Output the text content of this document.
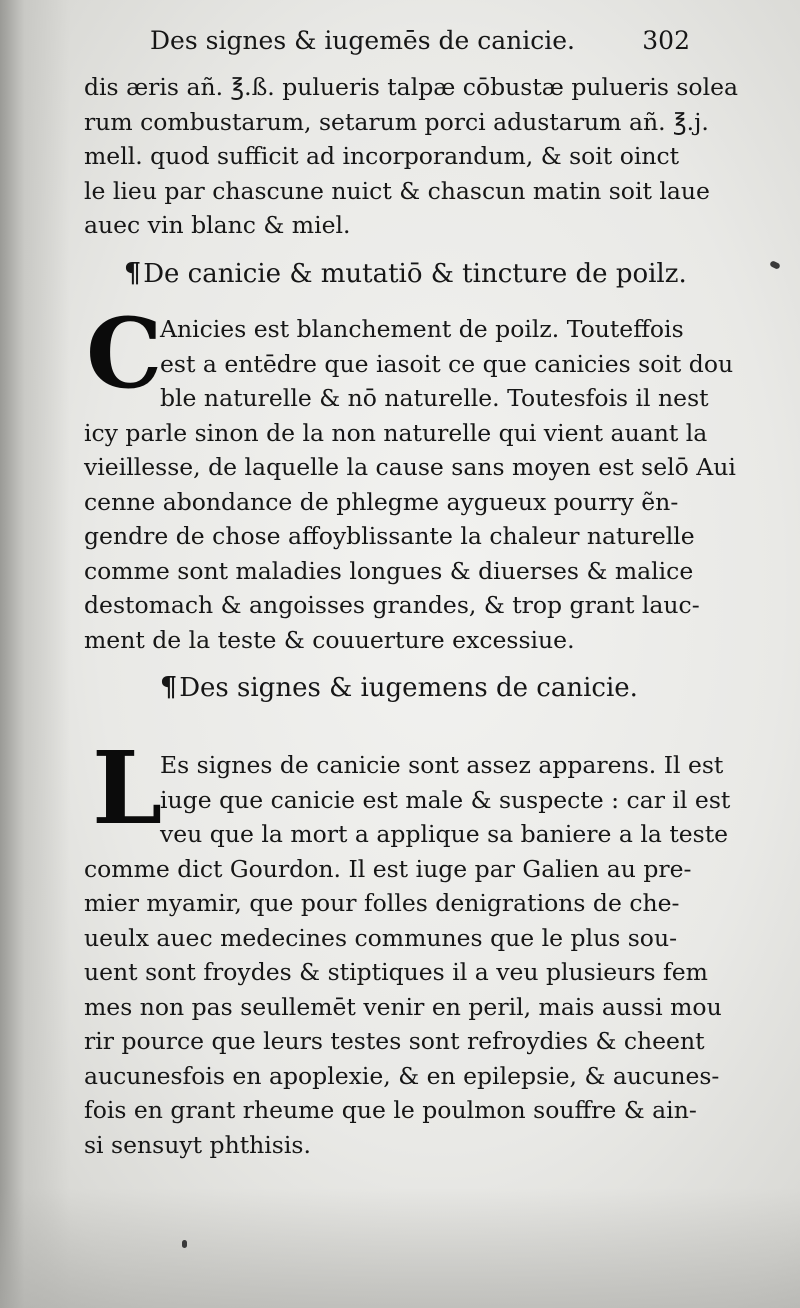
Des signes & iugemēs de canicie.	302
dis æris añ. ℥.ß. pulueris talpæ cōbustæ pulueris solea
rum combustarum, setarum porci adustarum añ. ℥.j.
mell. quod sufficit ad incorporandum, & soit oinct
le lieu par chascune nuict & chascun matin soit laue
auec vin blanc & miel.
¶De canicie & mutatiō & tincture de poilz.
C
Anicies est blanchement de poilz. Touteffois
est a entēdre que iasoit ce que canicies soit dou
ble naturelle & nō naturelle. Toutesfois il nest
icy parle sinon de la non naturelle qui vient auant la
vieillesse, de laquelle la cause sans moyen est selō Aui
cenne abondance de phlegme aygueux pourry ẽn-
gendre de chose affoyblissante la chaleur naturelle
comme sont maladies longues & diuerses & malice
destomach & angoisses grandes, & trop grant lauc-
ment de la teste & couuerture excessiue.
¶Des signes & iugemens de canicie.
L
Es signes de canicie sont assez apparens. Il est
iuge que canicie est male & suspecte : car il est
veu que la mort a applique sa baniere a la teste
comme dict Gourdon. Il est iuge par Galien au pre-
mier myamir, que pour folles denigrations de che-
ueulx auec medecines communes que le plus sou-
uent sont froydes & stiptiques il a veu plusieurs fem
mes non pas seullemēt venir en peril, mais aussi mou
rir pource que leurs testes sont refroydies & cheent
aucunesfois en apoplexie, & en epilepsie, & aucunes-
fois en grant rheume que le poulmon souffre & ain-
si sensuyt phthisis.
